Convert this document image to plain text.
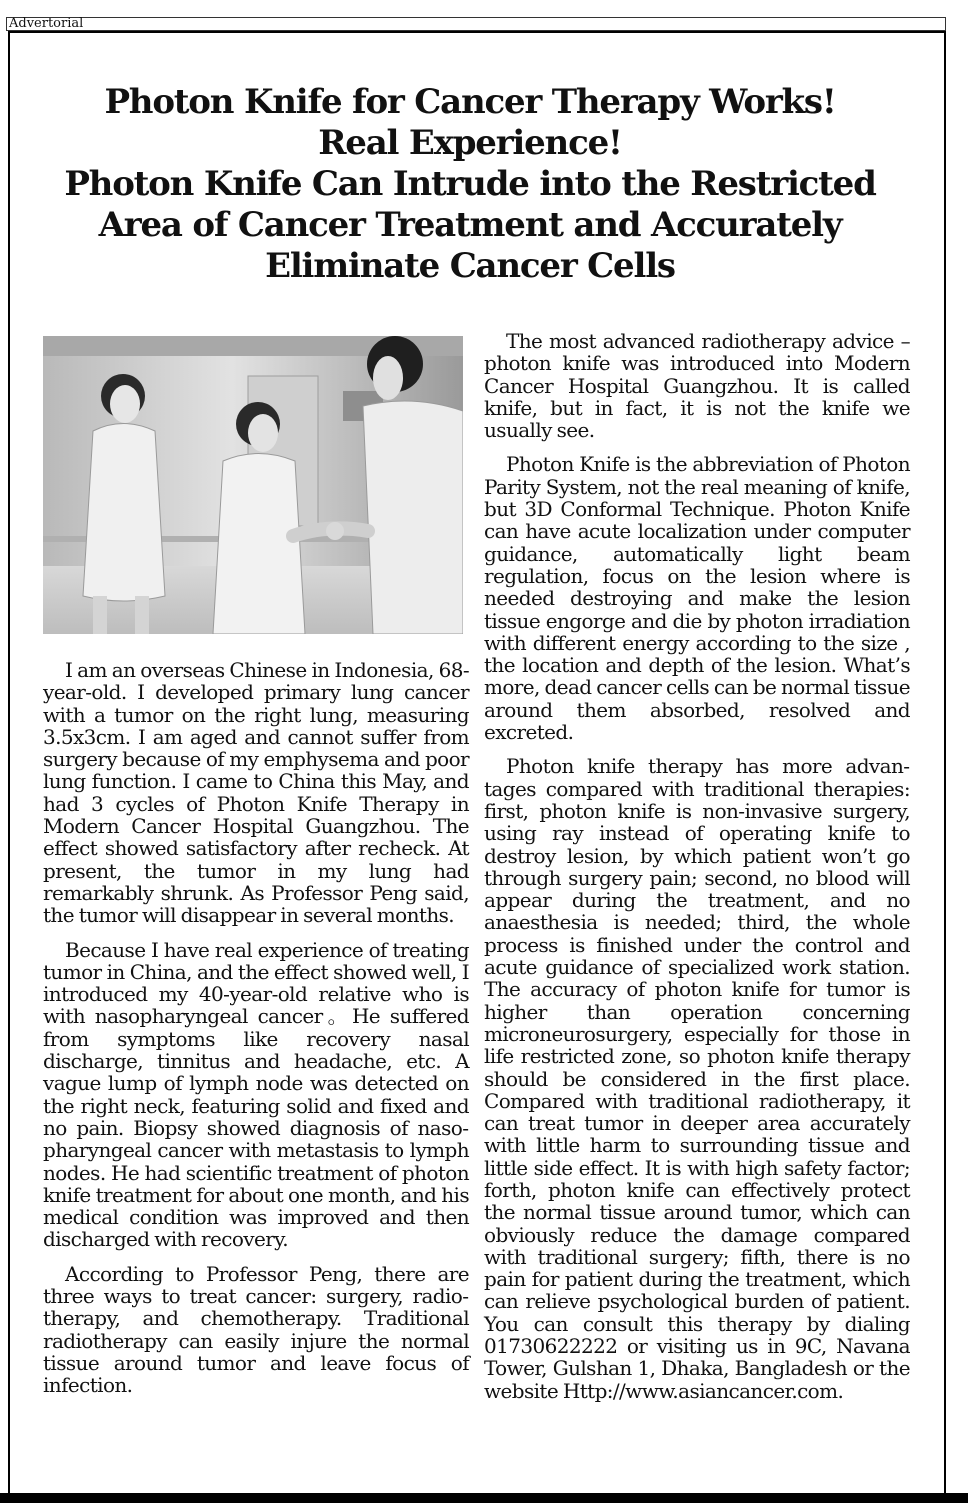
Advertorial
Photon Knife for Cancer Therapy Works!
Real Experience!
Photon Knife Can Intrude into the Restricted
Area of Cancer Treatment and Accurately
Eliminate Cancer Cells

I am an overseas Chinese in Indonesia, 68-year-old. I developed primary lung cancer with a tumor on the right lung, measuring 3.5x3cm. I am aged and cannot suffer from surgery because of my emphysema and poor lung function. I came to China this May, and had 3 cycles of Photon Knife Therapy in Modern Cancer Hospital Guangzhou. The effect showed satisfactory after recheck. At present, the tumor in my lung had remarkably shrunk. As Professor Peng said, the tumor will disappear in several months.

Because I have real experience of treating tumor in China, and the effect showed well, I introduced my 40-year-old relative who is with nasopharyngeal cancer。He suffered from symptoms like recovery nasal discharge, tinnitus and headache, etc. A vague lump of lymph node was detected on the right neck, featuring solid and fixed and no pain. Biopsy showed diagnosis of nasopharyngeal cancer with metastasis to lymph nodes. He had scientific treatment of photon knife treatment for about one month, and his medical condition was improved and then discharged with recovery.

According to Professor Peng, there are three ways to treat cancer: surgery, radiotherapy, and chemotherapy. Traditional radiotherapy can easily injure the normal tissue around tumor and leave focus of infection.

The most advanced radiotherapy advice –photon knife was introduced into Modern Cancer Hospital Guangzhou. It is called knife, but in fact, it is not the knife we usually see.

Photon Knife is the abbreviation of Photon Parity System, not the real meaning of knife, but 3D Conformal Technique. Photon Knife can have acute localization under computer guidance, automatically light beam regulation, focus on the lesion where is needed destroying and make the lesion tissue engorge and die by photon irradiation with different energy according to the size , the location and depth of the lesion. What’s more, dead cancer cells can be normal tissue around them absorbed, resolved and excreted.

Photon knife therapy has more advantages compared with traditional therapies: first, photon knife is non-invasive surgery, using ray instead of operating knife to destroy lesion, by which patient won’t go through surgery pain; second, no blood will appear during the treatment, and no anaesthesia is needed; third, the whole process is finished under the control and acute guidance of specialized work station. The accuracy of photon knife for tumor is higher than operation concerning microneurosurgery, especially for those in life restricted zone, so photon knife therapy should be considered in the first place. Compared with traditional radiotherapy, it can treat tumor in deeper area accurately with little harm to surrounding tissue and little side effect. It is with high safety factor; forth, photon knife can effectively protect the normal tissue around tumor, which can obviously reduce the damage compared with traditional surgery; fifth, there is no pain for patient during the treatment, which can relieve psychological burden of patient. You can consult this therapy by dialing 01730622222 or visiting us in 9C, Navana Tower, Gulshan 1, Dhaka, Bangladesh or the website Http://www.asiancancer.com.
